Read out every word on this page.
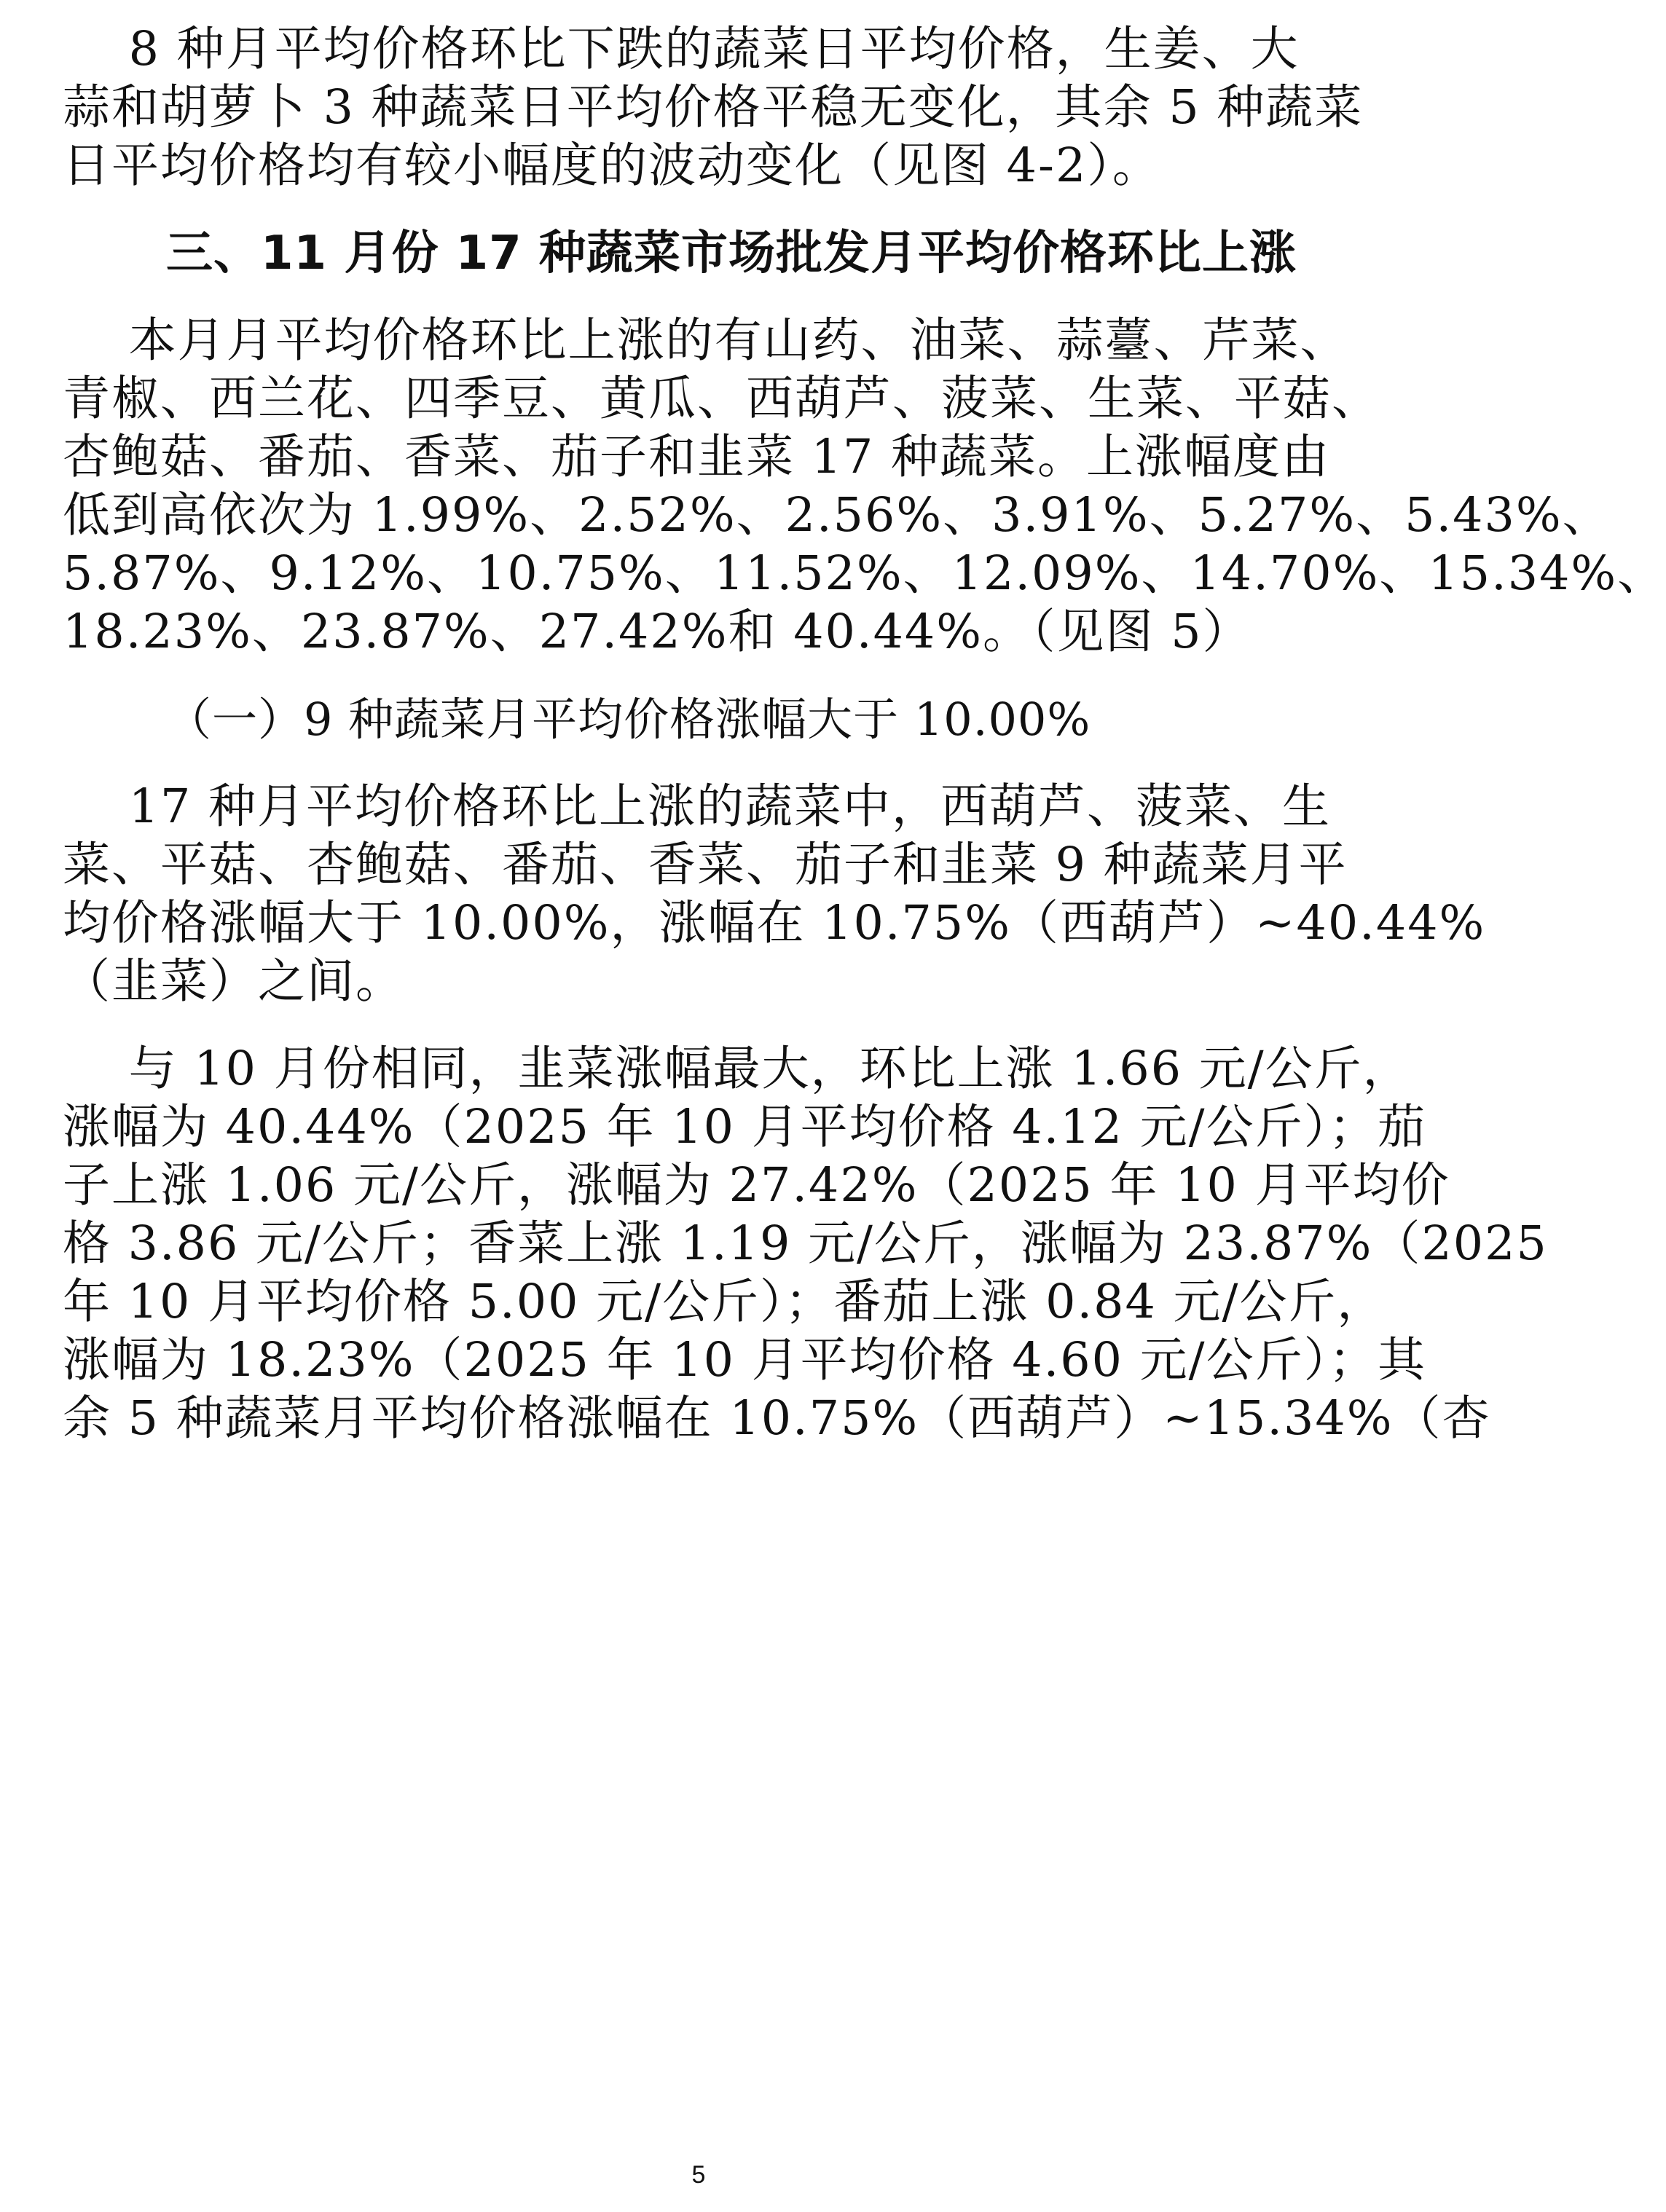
8 种月平均价格环比下跌的蔬菜日平均价格，生姜、大
蒜和胡萝卜 3 种蔬菜日平均价格平稳无变化，其余 5 种蔬菜
日平均价格均有较小幅度的波动变化（见图 4-2）。
三、11 月份 17 种蔬菜市场批发月平均价格环比上涨
本月月平均价格环比上涨的有山药、油菜、蒜薹、芹菜、
青椒、西兰花、四季豆、黄瓜、西葫芦、菠菜、生菜、平菇、
杏鲍菇、番茄、香菜、茄子和韭菜 17 种蔬菜。上涨幅度由
低到高依次为 1.99%、2.52%、2.56%、3.91%、5.27%、5.43%、
5.87%、9.12%、10.75%、11.52%、12.09%、14.70%、15.34%、
18.23%、23.87%、27.42%和 40.44%。（见图 5）
（一）9 种蔬菜月平均价格涨幅大于 10.00%
17 种月平均价格环比上涨的蔬菜中，西葫芦、菠菜、生
菜、平菇、杏鲍菇、番茄、香菜、茄子和韭菜 9 种蔬菜月平
均价格涨幅大于 10.00%，涨幅在 10.75%（西葫芦）~40.44%
（韭菜）之间。
与 10 月份相同，韭菜涨幅最大，环比上涨 1.66 元/公斤，
涨幅为 40.44%（2025 年 10 月平均价格 4.12 元/公斤）；茄
子上涨 1.06 元/公斤，涨幅为 27.42%（2025 年 10 月平均价
格 3.86 元/公斤；香菜上涨 1.19 元/公斤，涨幅为 23.87%（2025
年 10 月平均价格 5.00 元/公斤）；番茄上涨 0.84 元/公斤，
涨幅为 18.23%（2025 年 10 月平均价格 4.60 元/公斤）；其
余 5 种蔬菜月平均价格涨幅在 10.75%（西葫芦）~15.34%（杏
5
